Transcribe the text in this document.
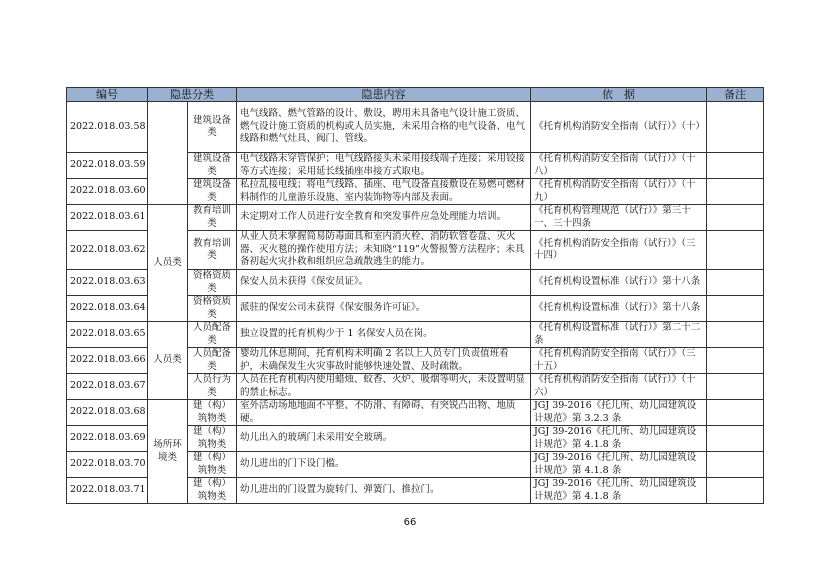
编号	隐患分类		隐患内容	依　据	备注
2022.018.03.58		建筑设备类	电气线路、燃气管路的设计、敷设，聘用未具备电气设计施工资质、燃气设计施工资质的机构或人员实施，未采用合格的电气设备、电气线路和燃气灶具、阀门、管线。	《托育机构消防安全指南（试行）》（十）	
2022.018.03.59		建筑设备类	电气线路末穿管保护；电气线路接头未采用接线端子连接；采用铰接等方式连接；采用延长线插座串接方式取电。	《托育机构消防安全指南（试行）》（十八）	
2022.018.03.60		建筑设备类	私拉乱接电线；将电气线路、插座、电气设备直接敷设在易燃可燃材料制作的儿童游乐设施、室内装饰物等内部及表面。	《托育机构消防安全指南（试行）》（十九）	
2022.018.03.61	人员类	教育培训类	未定期对工作人员进行安全教育和突发事件应急处理能力培训。	《托育机构管理规范（试行）》第三十一、三十四条	
2022.018.03.62		教育培训类	从业人员未掌握简易防毒面具和室内消火栓、消防软管卷盘、灭火器、灭火毯的操作使用方法；未知晓“119”火警报警方法程序；未具备初起火灾扑救和组织应急疏散逃生的能力。	《托育机构消防安全指南（试行）》（三十四）	
2022.018.03.63		资格资质类	保安人员未获得《保安员证》。	《托育机构设置标准（试行）》第十八条	
2022.018.03.64		资格资质类	派驻的保安公司未获得《保安服务许可证》。	《托育机构设置标准（试行）》第十八条	
2022.018.03.65	人员类	人员配备类	独立设置的托育机构少于 1 名保安人员在岗。	《托育机构设置标准（试行）》第二十二条	
2022.018.03.66		人员配备类	婴幼儿休息期间，托育机构未明确 2 名以上人员专门负责值班看护，未确保发生火灾事故时能够快速处置、及时疏散。	《托育机构消防安全指南（试行）》（三十五）	
2022.018.03.67		人员行为类	人员在托育机构内使用蜡烛、蚊香、火炉、吸烟等明火，未设置明显的禁止标志。	《托育机构消防安全指南（试行）》（十六）	
2022.018.03.68	场所环境类	建（构）筑物类	室外活动场地地面不平整、不防滑、有障碍、有突锐凸出物、地质硬。	JGJ 39-2016《托儿所、幼儿园建筑设计规范》第 3.2.3 条	
2022.018.03.69		建（构）筑物类	幼儿出入的玻璃门未采用安全玻璃。	JGJ 39-2016《托儿所、幼儿园建筑设计规范》第 4.1.8 条	
2022.018.03.70		建（构）筑物类	幼儿进出的门下设门槛。	JGJ 39-2016《托儿所、幼儿园建筑设计规范》第 4.1.8 条	
2022.018.03.71		建（构）筑物类	幼儿进出的门设置为旋转门、弹簧门、推拉门。	JGJ 39-2016《托儿所、幼儿园建筑设计规范》第 4.1.8 条	
66
